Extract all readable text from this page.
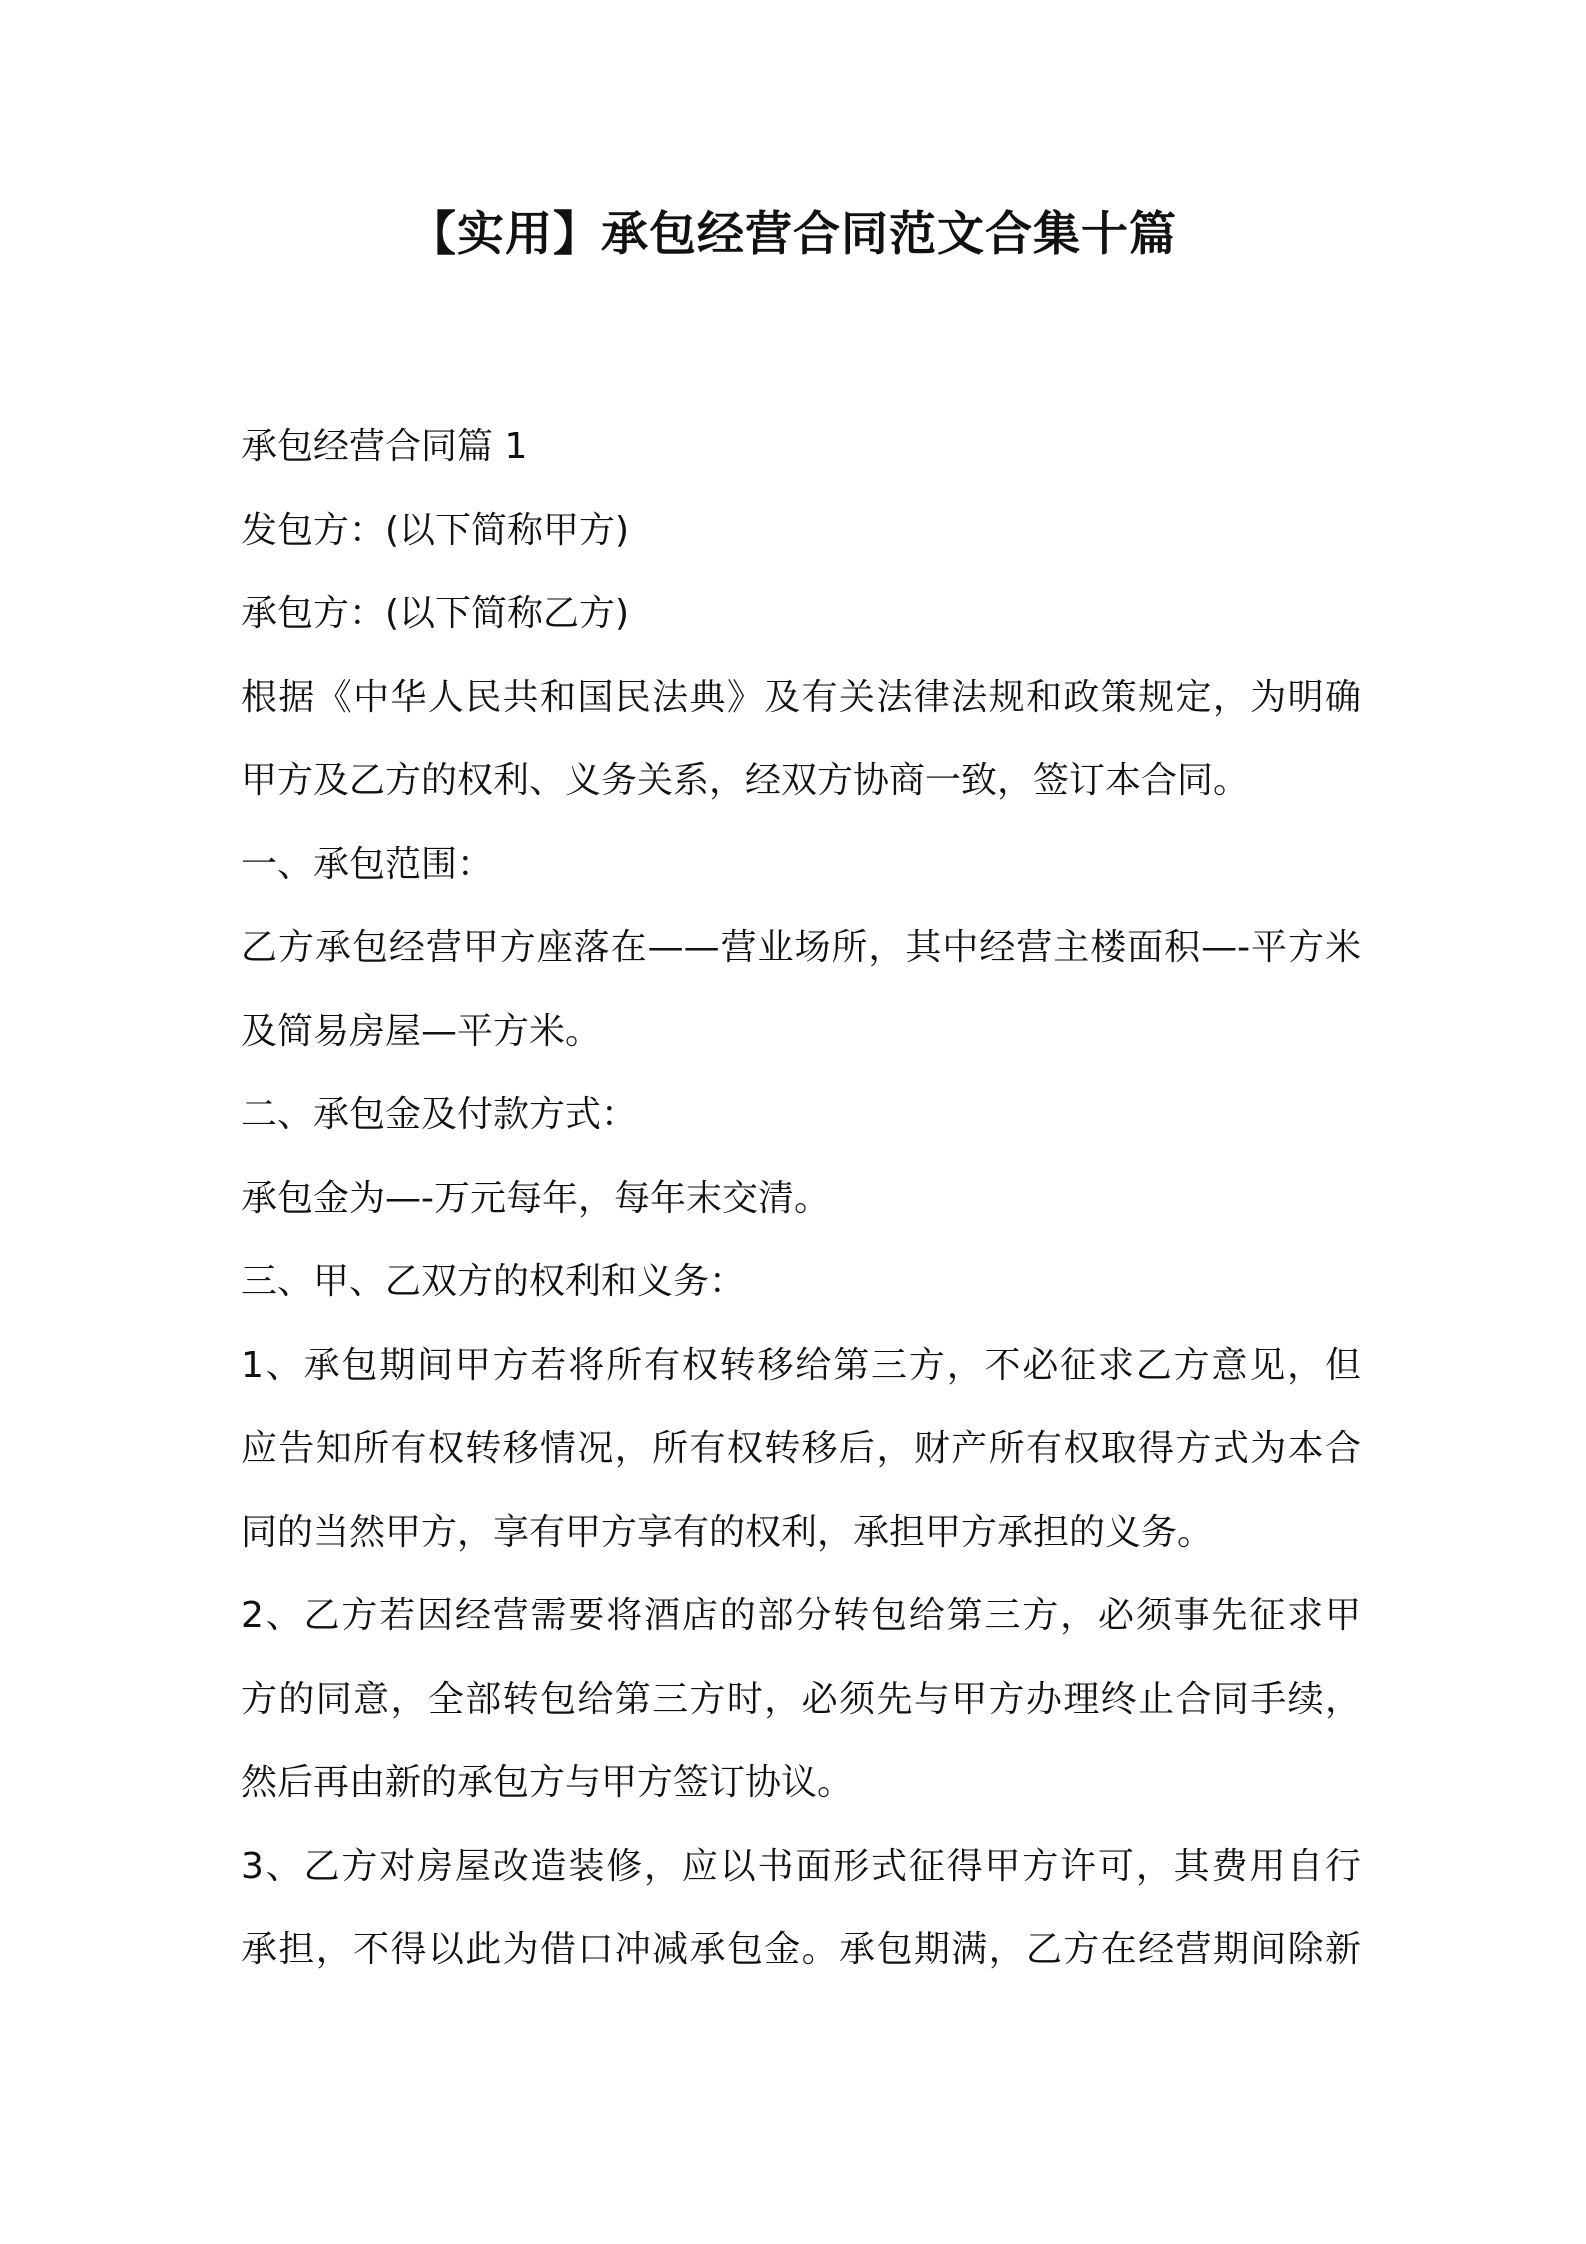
【实用】承包经营合同范文合集十篇
承包经营合同篇 1
发包方：(以下简称甲方)
承包方：(以下简称乙方)
根据《中华人民共和国民法典》及有关法律法规和政策规定，为明确
甲方及乙方的权利、义务关系，经双方协商一致，签订本合同。
一、承包范围：
乙方承包经营甲方座落在——营业场所，其中经营主楼面积—-平方米
及简易房屋—平方米。
二、承包金及付款方式：
承包金为—-万元每年，每年末交清。
三、甲、乙双方的权利和义务：
1、承包期间甲方若将所有权转移给第三方，不必征求乙方意见，但
应告知所有权转移情况，所有权转移后，财产所有权取得方式为本合
同的当然甲方，享有甲方享有的权利，承担甲方承担的义务。
2、乙方若因经营需要将酒店的部分转包给第三方，必须事先征求甲
方的同意，全部转包给第三方时，必须先与甲方办理终止合同手续，
然后再由新的承包方与甲方签订协议。
3、乙方对房屋改造装修，应以书面形式征得甲方许可，其费用自行
承担，不得以此为借口冲减承包金。承包期满，乙方在经营期间除新
